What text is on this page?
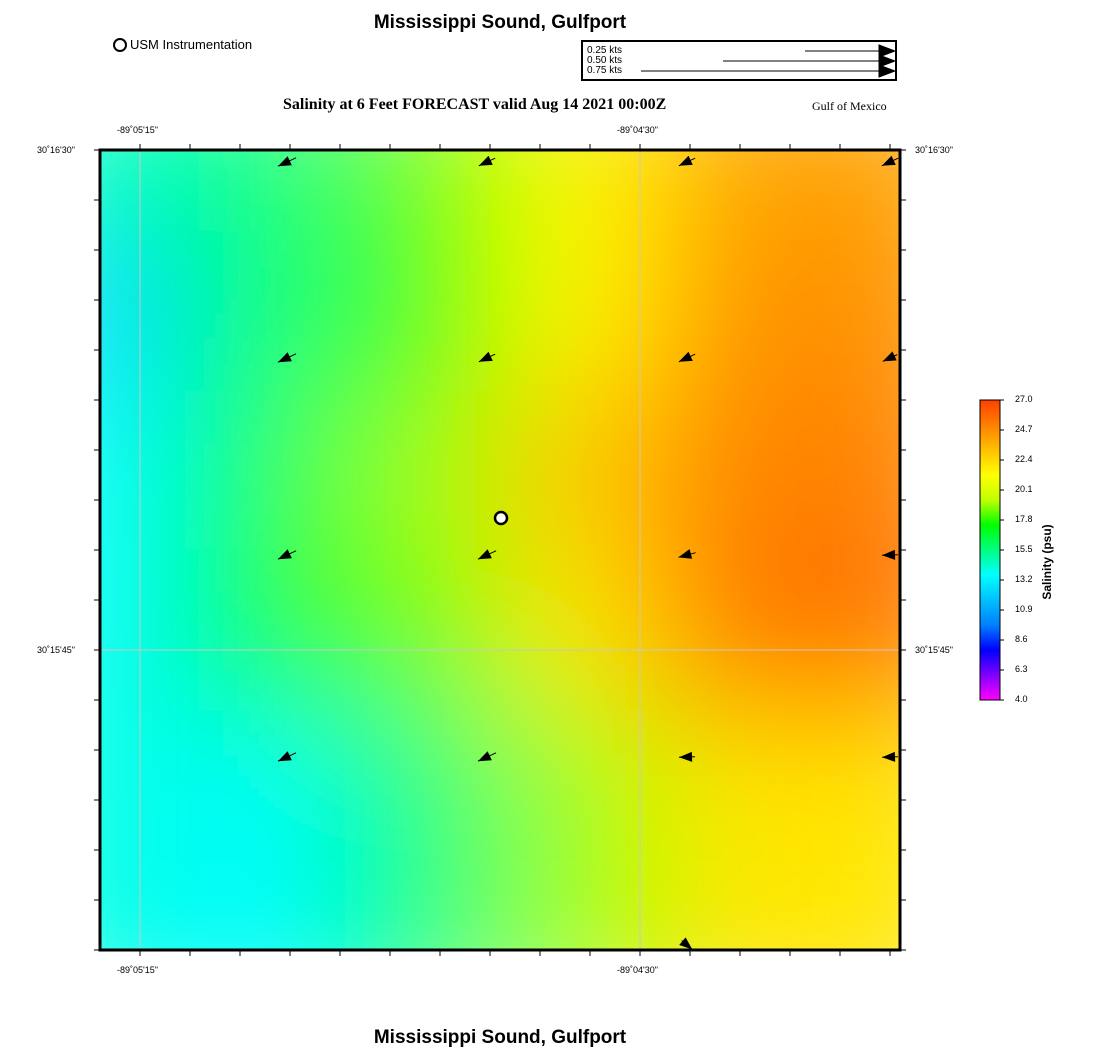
Mississippi Sound, Gulfport
USM Instrumentation	0.25 kts
0.50 kts
0.75 kts
Salinity at 6 Feet FORECAST valid Aug 14 2021 00:00Z	Gulf of Mexico
-89˚05'15"	-89˚04'30"
-89˚05'15"	-89˚04'30"
30˚16'30"
30˚15'45"
30˚16'30"
30˚15'45"
27.0
24.7
22.4
20.1
17.8
15.5
13.2
10.9
8.6
6.3
4.0
Salinity (psu)
Mississippi Sound, Gulfport
